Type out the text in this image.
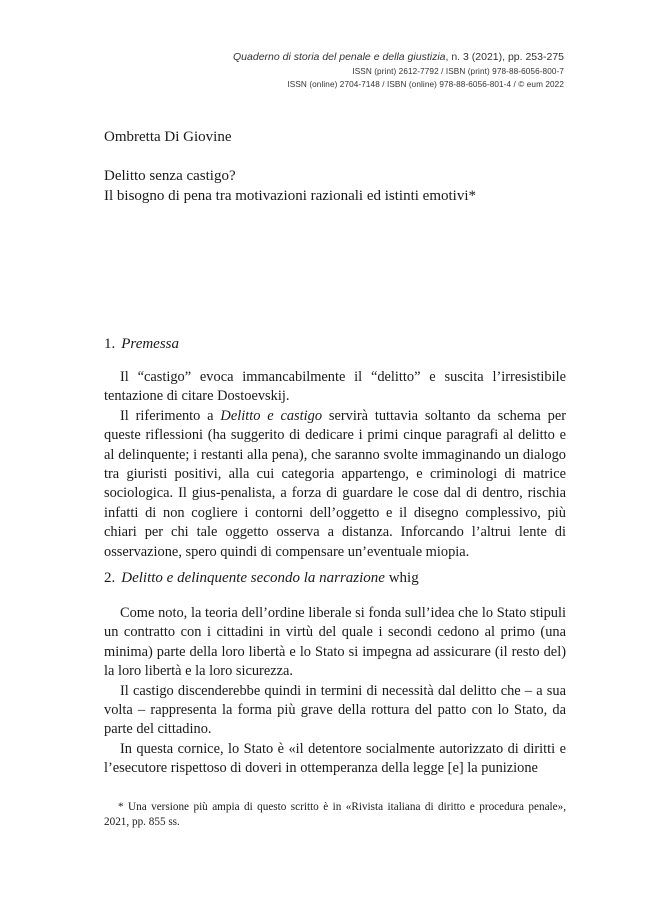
Quaderno di storia del penale e della giustizia, n. 3 (2021), pp. 253-275
ISSN (print) 2612-7792 / ISBN (print) 978-88-6056-800-7
ISSN (online) 2704-7148 / ISBN (online) 978-88-6056-801-4 / © eum 2022
Ombretta Di Giovine
Delitto senza castigo?
Il bisogno di pena tra motivazioni razionali ed istinti emotivi*
1. Premessa

Il “castigo” evoca immancabilmente il “delitto” e suscita l’irresistibile tentazione di citare Dostoevskij.

Il riferimento a Delitto e castigo servirà tuttavia soltanto da schema per queste riflessioni (ha suggerito di dedicare i primi cinque paragrafi al delitto e al delinquente; i restanti alla pena), che saranno svolte immaginando un dialogo tra giuristi positivi, alla cui categoria appartengo, e criminologi di matrice sociologica. Il gius-penalista, a forza di guardare le cose dal di dentro, rischia infatti di non cogliere i contorni dell’oggetto e il disegno complessivo, più chiari per chi tale oggetto osserva a distanza. Inforcando l’altrui lente di osservazione, spero quindi di compensare un’eventuale miopia.

2. Delitto e delinquente secondo la narrazione whig

Come noto, la teoria dell’ordine liberale si fonda sull’idea che lo Stato stipuli un contratto con i cittadini in virtù del quale i secondi cedono al primo (una minima) parte della loro libertà e lo Stato si impegna ad assicurare (il resto del) la loro libertà e la loro sicurezza.

Il castigo discenderebbe quindi in termini di necessità dal delitto che – a sua volta – rappresenta la forma più grave della rottura del patto con lo Stato, da parte del cittadino.

In questa cornice, lo Stato è «il detentore socialmente autorizzato di diritti e l’esecutore rispettoso di doveri in ottemperanza della legge [e] la punizione

* Una versione più ampia di questo scritto è in «Rivista italiana di diritto e procedura penale», 2021, pp. 855 ss.
